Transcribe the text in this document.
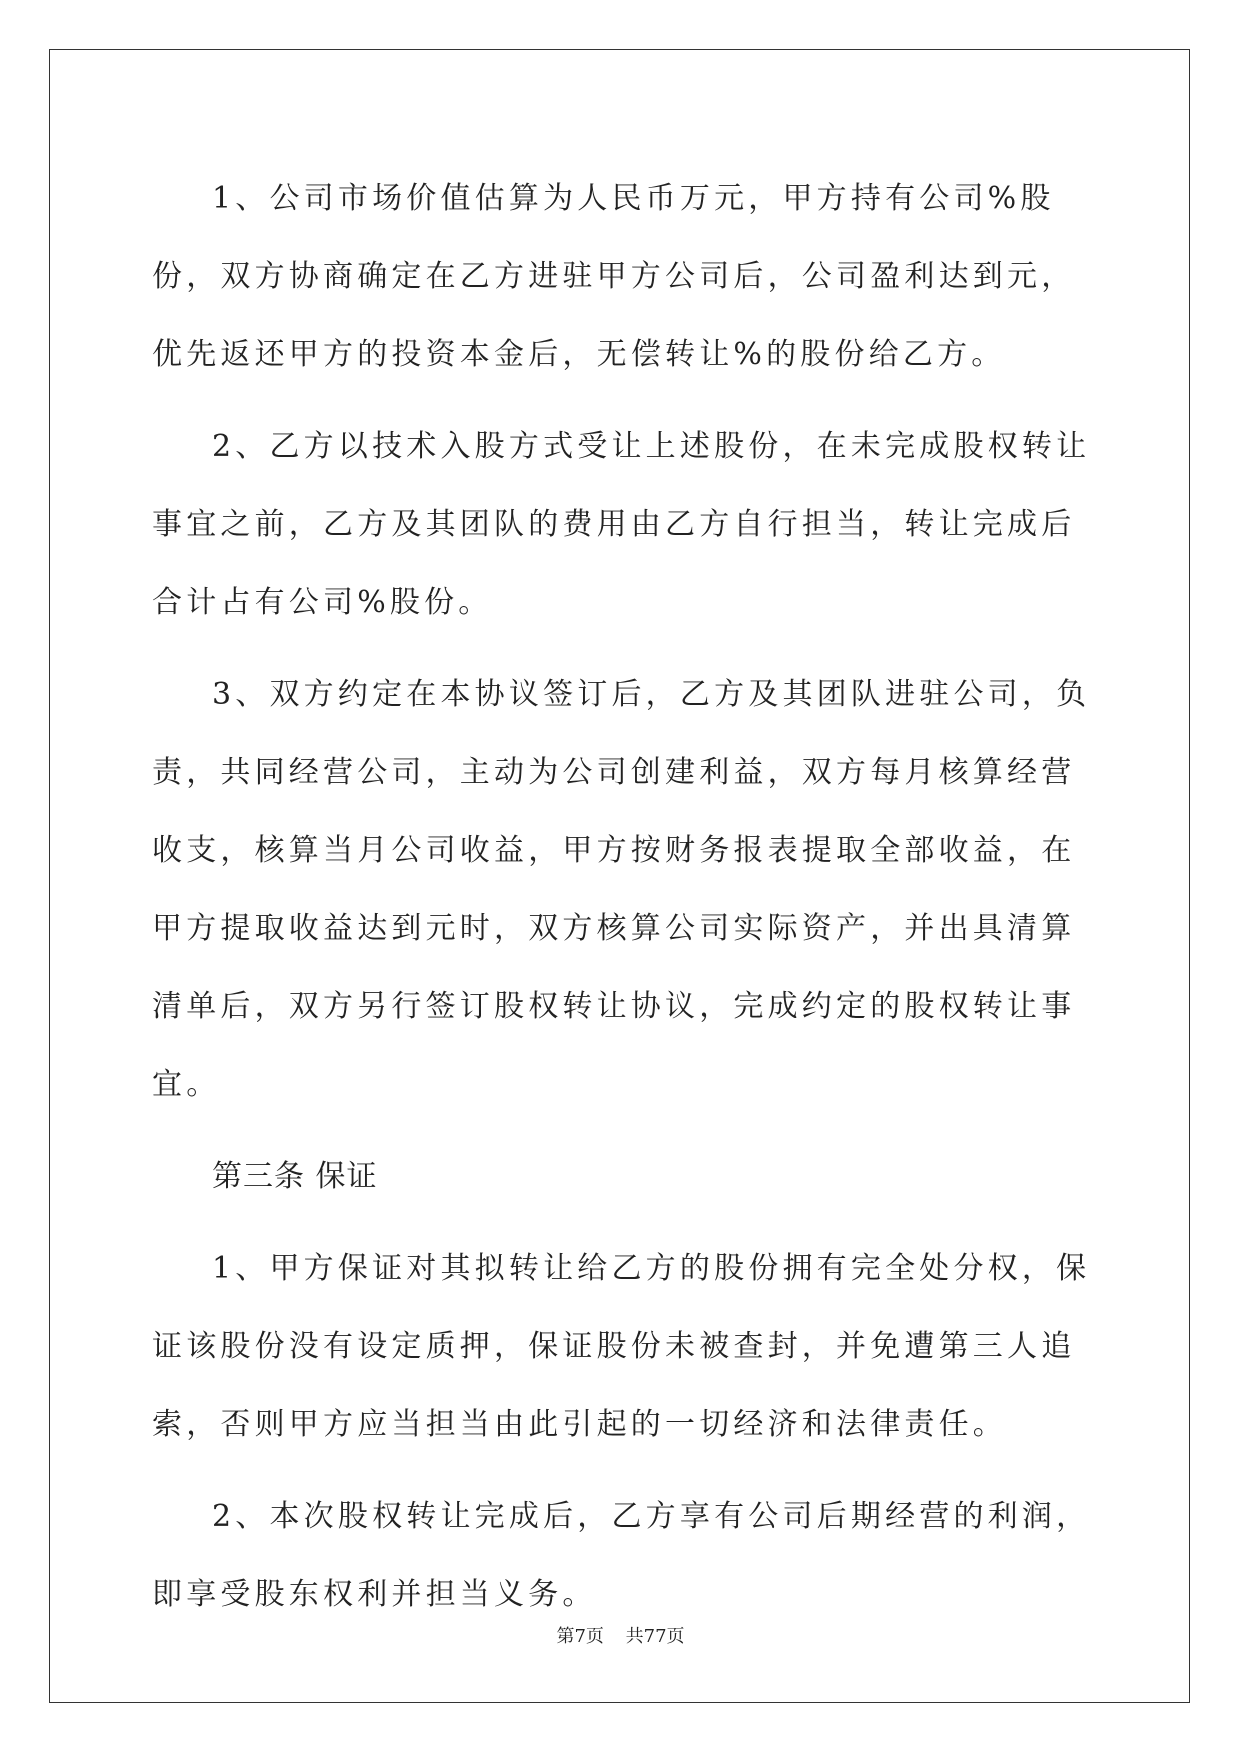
1、公司市场价值估算为人民币万元，甲方持有公司%股份，双方协商确定在乙方进驻甲方公司后，公司盈利达到元，优先返还甲方的投资本金后，无偿转让%的股份给乙方。

2、乙方以技术入股方式受让上述股份，在未完成股权转让事宜之前，乙方及其团队的费用由乙方自行担当，转让完成后合计占有公司%股份。

3、双方约定在本协议签订后，乙方及其团队进驻公司，负责，共同经营公司，主动为公司创建利益，双方每月核算经营收支，核算当月公司收益，甲方按财务报表提取全部收益，在甲方提取收益达到元时，双方核算公司实际资产，并出具清算清单后，双方另行签订股权转让协议，完成约定的股权转让事宜。

第三条 保证

1、甲方保证对其拟转让给乙方的股份拥有完全处分权，保证该股份没有设定质押，保证股份未被查封，并免遭第三人追索，否则甲方应当担当由此引起的一切经济和法律责任。

2、本次股权转让完成后，乙方享有公司后期经营的利润，即享受股东权利并担当义务。

第7页 共77页
